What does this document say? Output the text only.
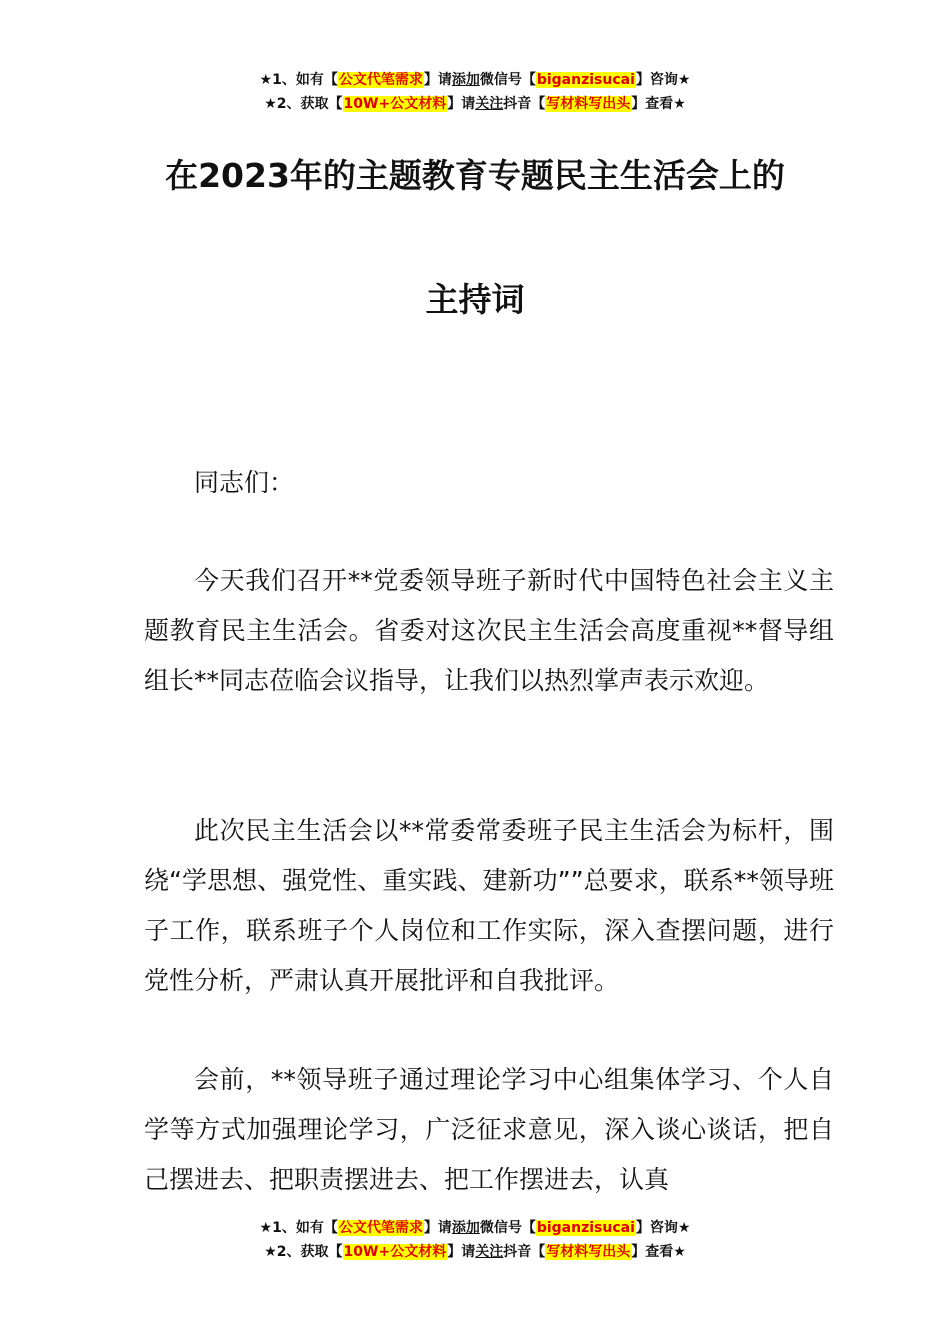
★1、如有【公文代笔需求】请添加微信号【biganzisucai】咨询★
★2、获取【10W+公文材料】请关注抖音【写材料写出头】查看★
在2023年的主题教育专题民主生活会上的
主持词

同志们：

今天我们召开**党委领导班子新时代中国特色社会主义主题教育民主生活会。省委对这次民主生活会高度重视**督导组组长**同志莅临会议指导，让我们以热烈掌声表示欢迎。

此次民主生活会以**常委常委班子民主生活会为标杆，围绕“学思想、强党性、重实践、建新功””总要求，联系**领导班子工作，联系班子个人岗位和工作实际，深入查摆问题，进行党性分析，严肃认真开展批评和自我批评。

会前，**领导班子通过理论学习中心组集体学习、个人自学等方式加强理论学习，广泛征求意见，深入谈心谈话，把自己摆进去、把职责摆进去、把工作摆进去，认真

★1、如有【公文代笔需求】请添加微信号【biganzisucai】咨询★
★2、获取【10W+公文材料】请关注抖音【写材料写出头】查看★
